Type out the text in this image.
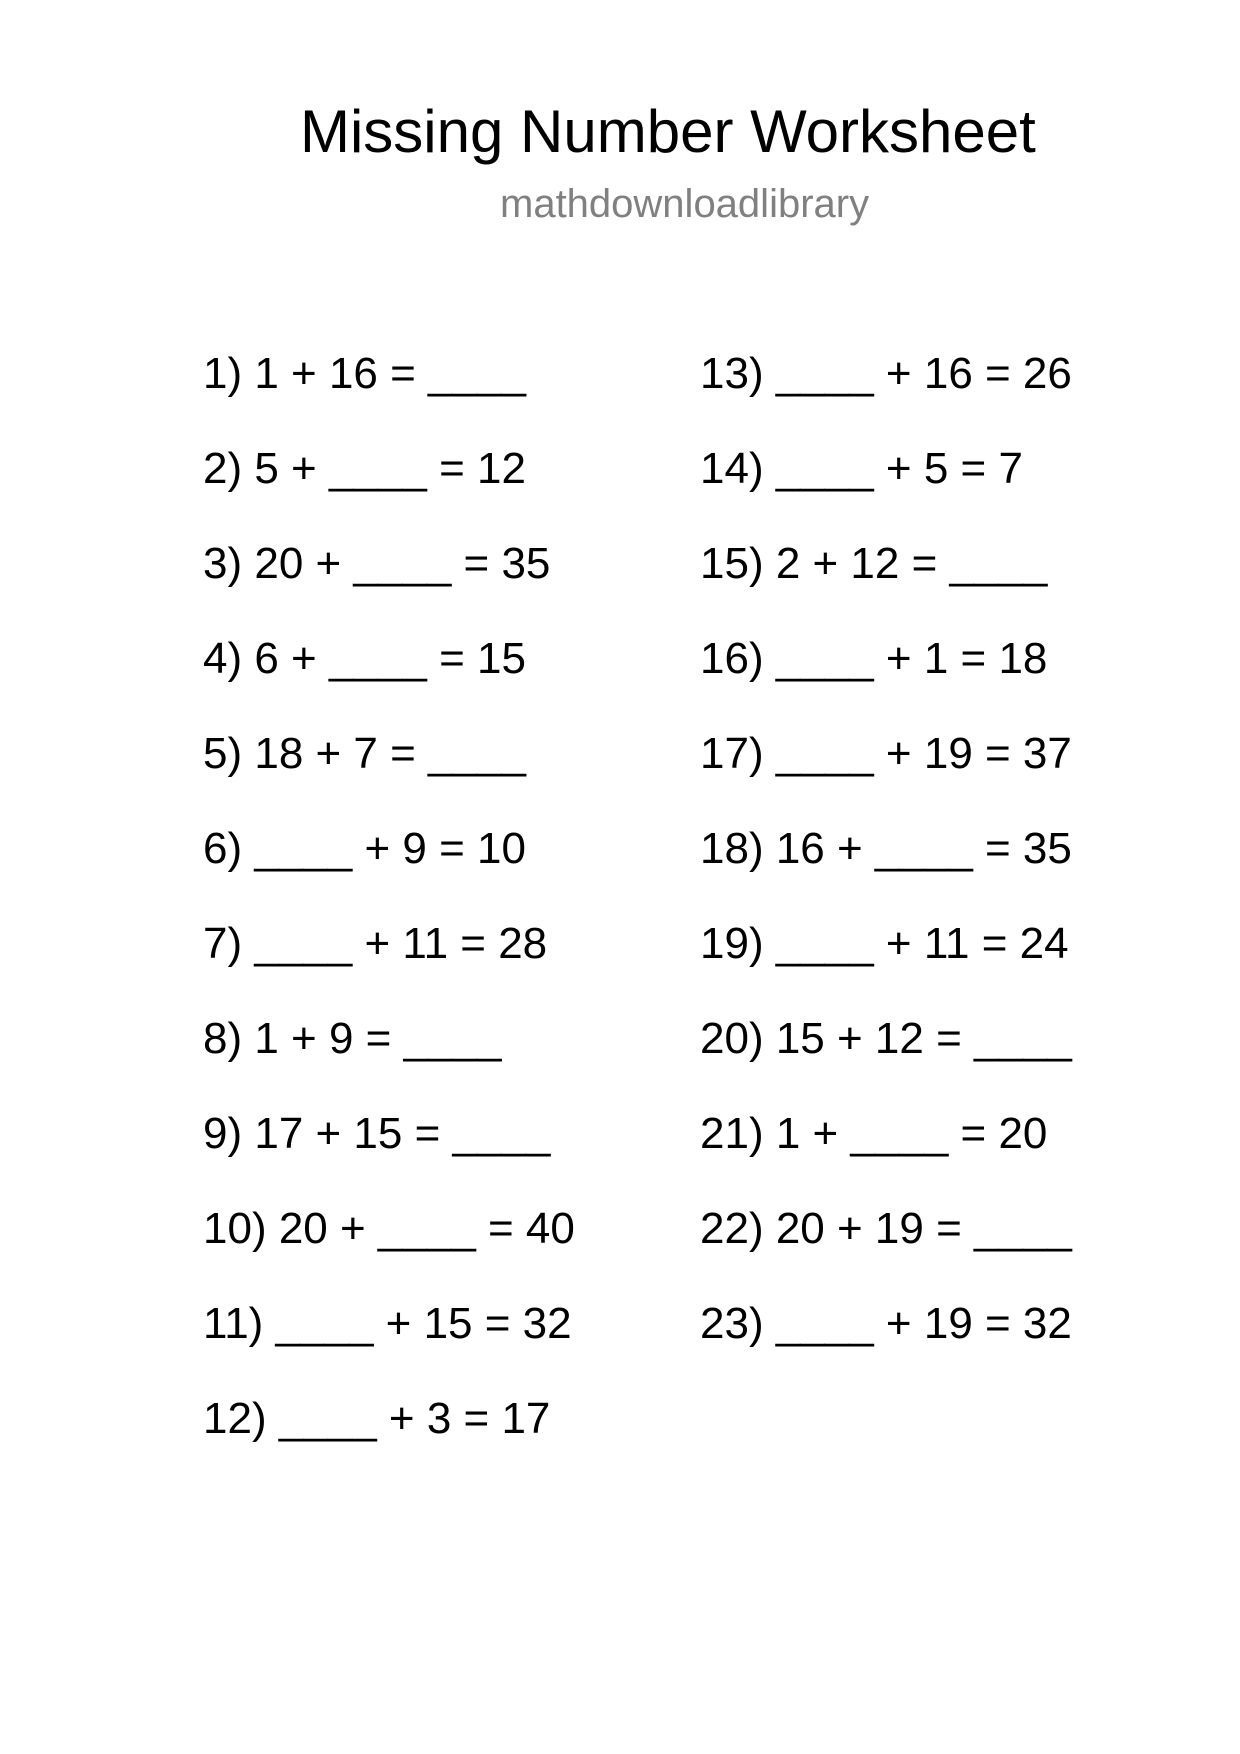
Missing Number Worksheet
mathdownloadlibrary
1) 1 + 16 = ____
2) 5 + ____ = 12
3) 20 + ____ = 35
4) 6 + ____ = 15
5) 18 + 7 = ____
6) ____ + 9 = 10
7) ____ + 11 = 28
8) 1 + 9 = ____
9) 17 + 15 = ____
10) 20 + ____ = 40
11) ____ + 15 = 32
12) ____ + 3 = 17
13) ____ + 16 = 26
14) ____ + 5 = 7
15) 2 + 12 = ____
16) ____ + 1 = 18
17) ____ + 19 = 37
18) 16 + ____ = 35
19) ____ + 11 = 24
20) 15 + 12 = ____
21) 1 + ____ = 20
22) 20 + 19 = ____
23) ____ + 19 = 32
